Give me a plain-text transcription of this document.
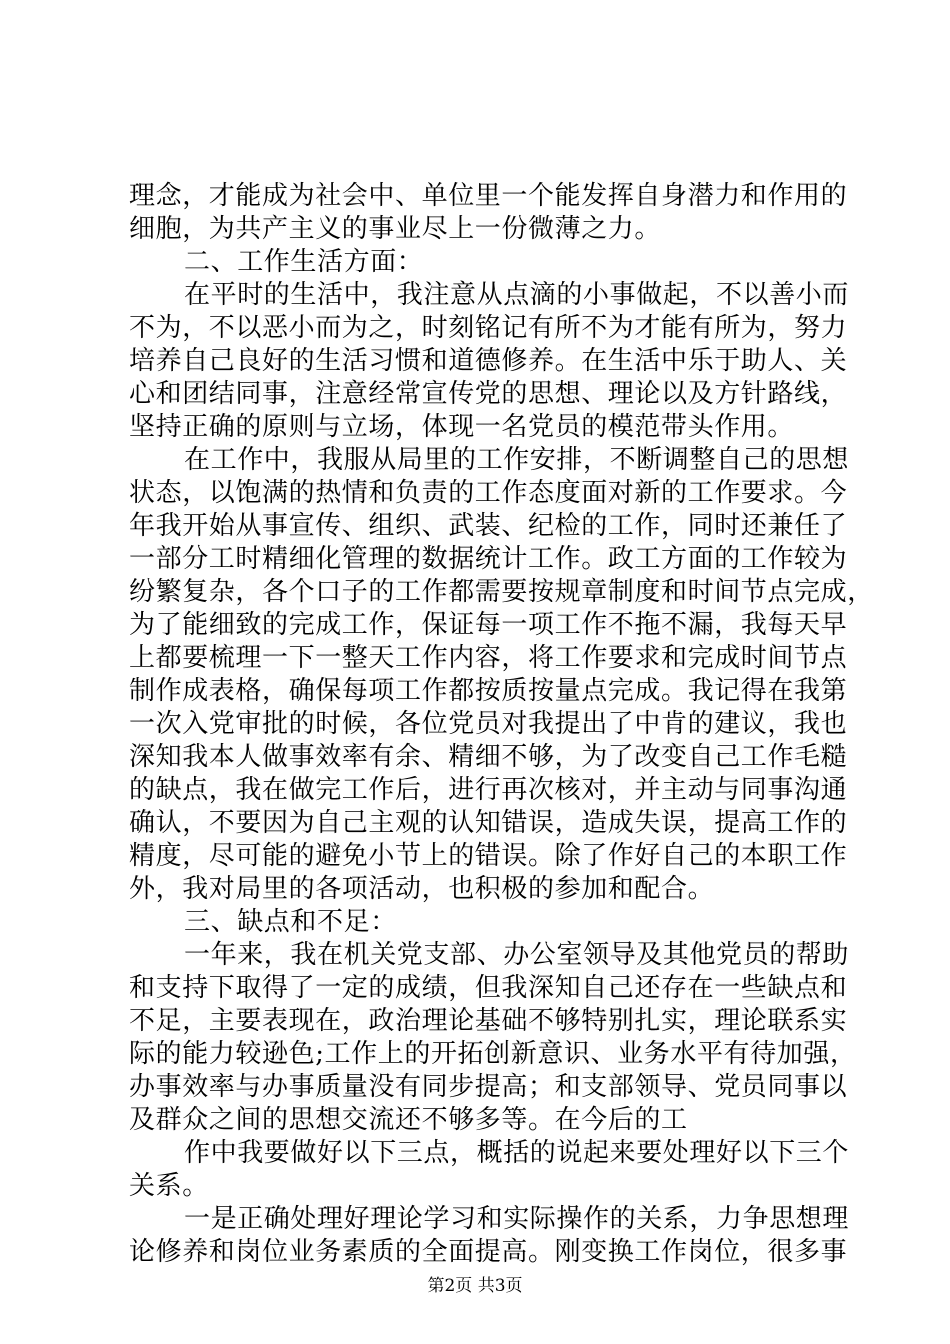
理念，才能成为社会中、单位里一个能发挥自身潜力和作用的
细胞，为共产主义的事业尽上一份微薄之力。
二、工作生活方面：
在平时的生活中，我注意从点滴的小事做起，不以善小而
不为，不以恶小而为之，时刻铭记有所不为才能有所为，努力
培养自己良好的生活习惯和道德修养。在生活中乐于助人、关
心和团结同事，注意经常宣传党的思想、理论以及方针路线，
坚持正确的原则与立场，体现一名党员的模范带头作用。
在工作中，我服从局里的工作安排，不断调整自己的思想
状态，以饱满的热情和负责的工作态度面对新的工作要求。今
年我开始从事宣传、组织、武装、纪检的工作，同时还兼任了
一部分工时精细化管理的数据统计工作。政工方面的工作较为
纷繁复杂，各个口子的工作都需要按规章制度和时间节点完成，
为了能细致的完成工作，保证每一项工作不拖不漏，我每天早
上都要梳理一下一整天工作内容，将工作要求和完成时间节点
制作成表格，确保每项工作都按质按量点完成。我记得在我第
一次入党审批的时候，各位党员对我提出了中肯的建议，我也
深知我本人做事效率有余、精细不够，为了改变自己工作毛糙
的缺点，我在做完工作后，进行再次核对，并主动与同事沟通
确认，不要因为自己主观的认知错误，造成失误，提高工作的
精度，尽可能的避免小节上的错误。除了作好自己的本职工作
外，我对局里的各项活动，也积极的参加和配合。
三、缺点和不足：
一年来，我在机关党支部、办公室领导及其他党员的帮助
和支持下取得了一定的成绩，但我深知自己还存在一些缺点和
不足，主要表现在，政治理论基础不够特别扎实，理论联系实
际的能力较逊色;工作上的开拓创新意识、业务水平有待加强，
办事效率与办事质量没有同步提高；和支部领导、党员同事以
及群众之间的思想交流还不够多等。在今后的工
作中我要做好以下三点，概括的说起来要处理好以下三个
关系。
一是正确处理好理论学习和实际操作的关系，力争思想理
论修养和岗位业务素质的全面提高。刚变换工作岗位，很多事
第2页 共3页
